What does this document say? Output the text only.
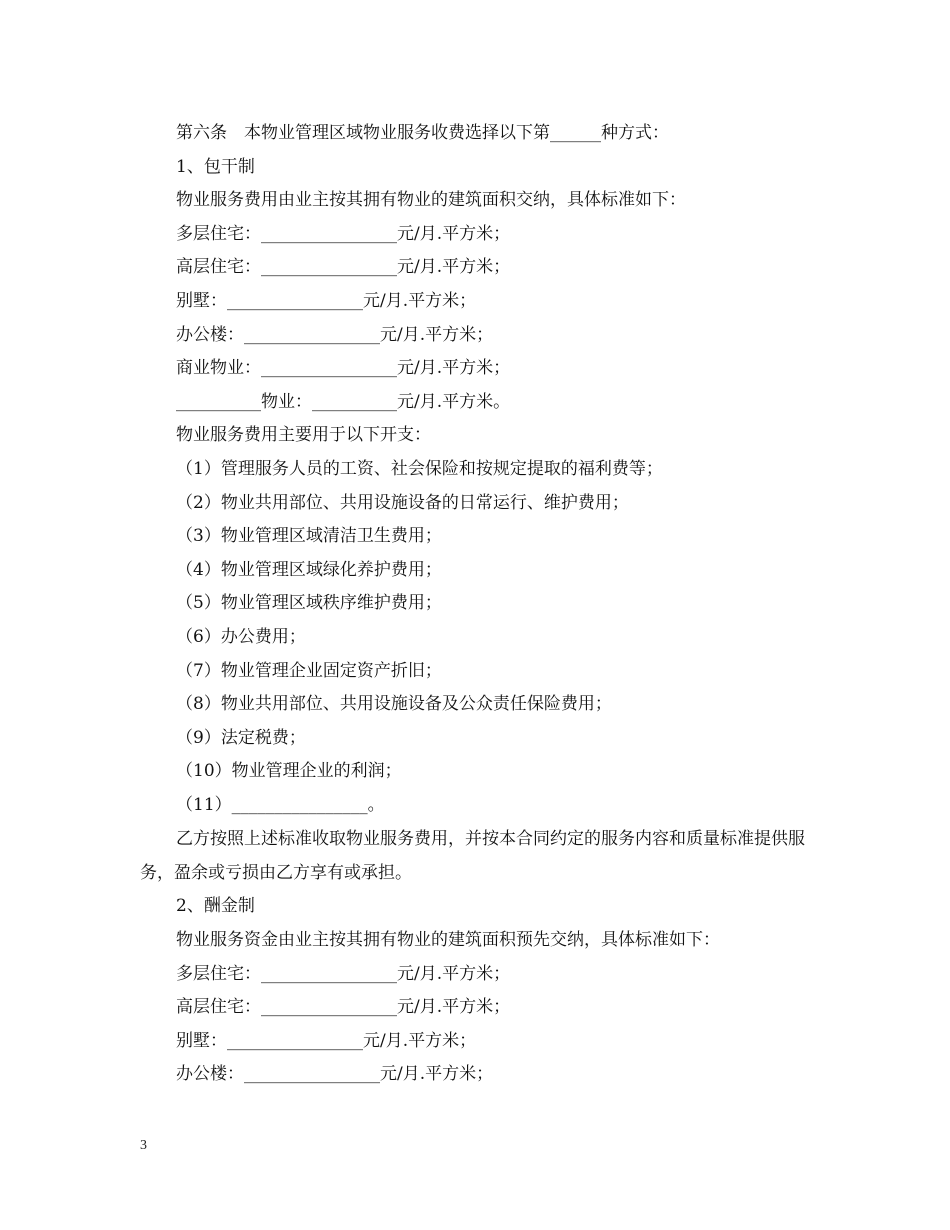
第六条　本物业管理区域物业服务收费选择以下第______种方式：
1、包干制
物业服务费用由业主按其拥有物业的建筑面积交纳，具体标准如下：
多层住宅：________________元/月.平方米；
高层住宅：________________元/月.平方米；
别墅：________________元/月.平方米；
办公楼：________________元/月.平方米；
商业物业：________________元/月.平方米；
__________物业：__________元/月.平方米。
物业服务费用主要用于以下开支：
（1）管理服务人员的工资、社会保险和按规定提取的福利费等；
（2）物业共用部位、共用设施设备的日常运行、维护费用；
（3）物业管理区域清洁卫生费用；
（4）物业管理区域绿化养护费用；
（5）物业管理区域秩序维护费用；
（6）办公费用；
（7）物业管理企业固定资产折旧；
（8）物业共用部位、共用设施设备及公众责任保险费用；
（9）法定税费；
（10）物业管理企业的利润；
（11）________________。
乙方按照上述标准收取物业服务费用，并按本合同约定的服务内容和质量标准提供服务，盈余或亏损由乙方享有或承担。
2、酬金制
物业服务资金由业主按其拥有物业的建筑面积预先交纳，具体标准如下：
多层住宅：________________元/月.平方米；
高层住宅：________________元/月.平方米；
别墅：________________元/月.平方米；
办公楼：________________元/月.平方米；
3
